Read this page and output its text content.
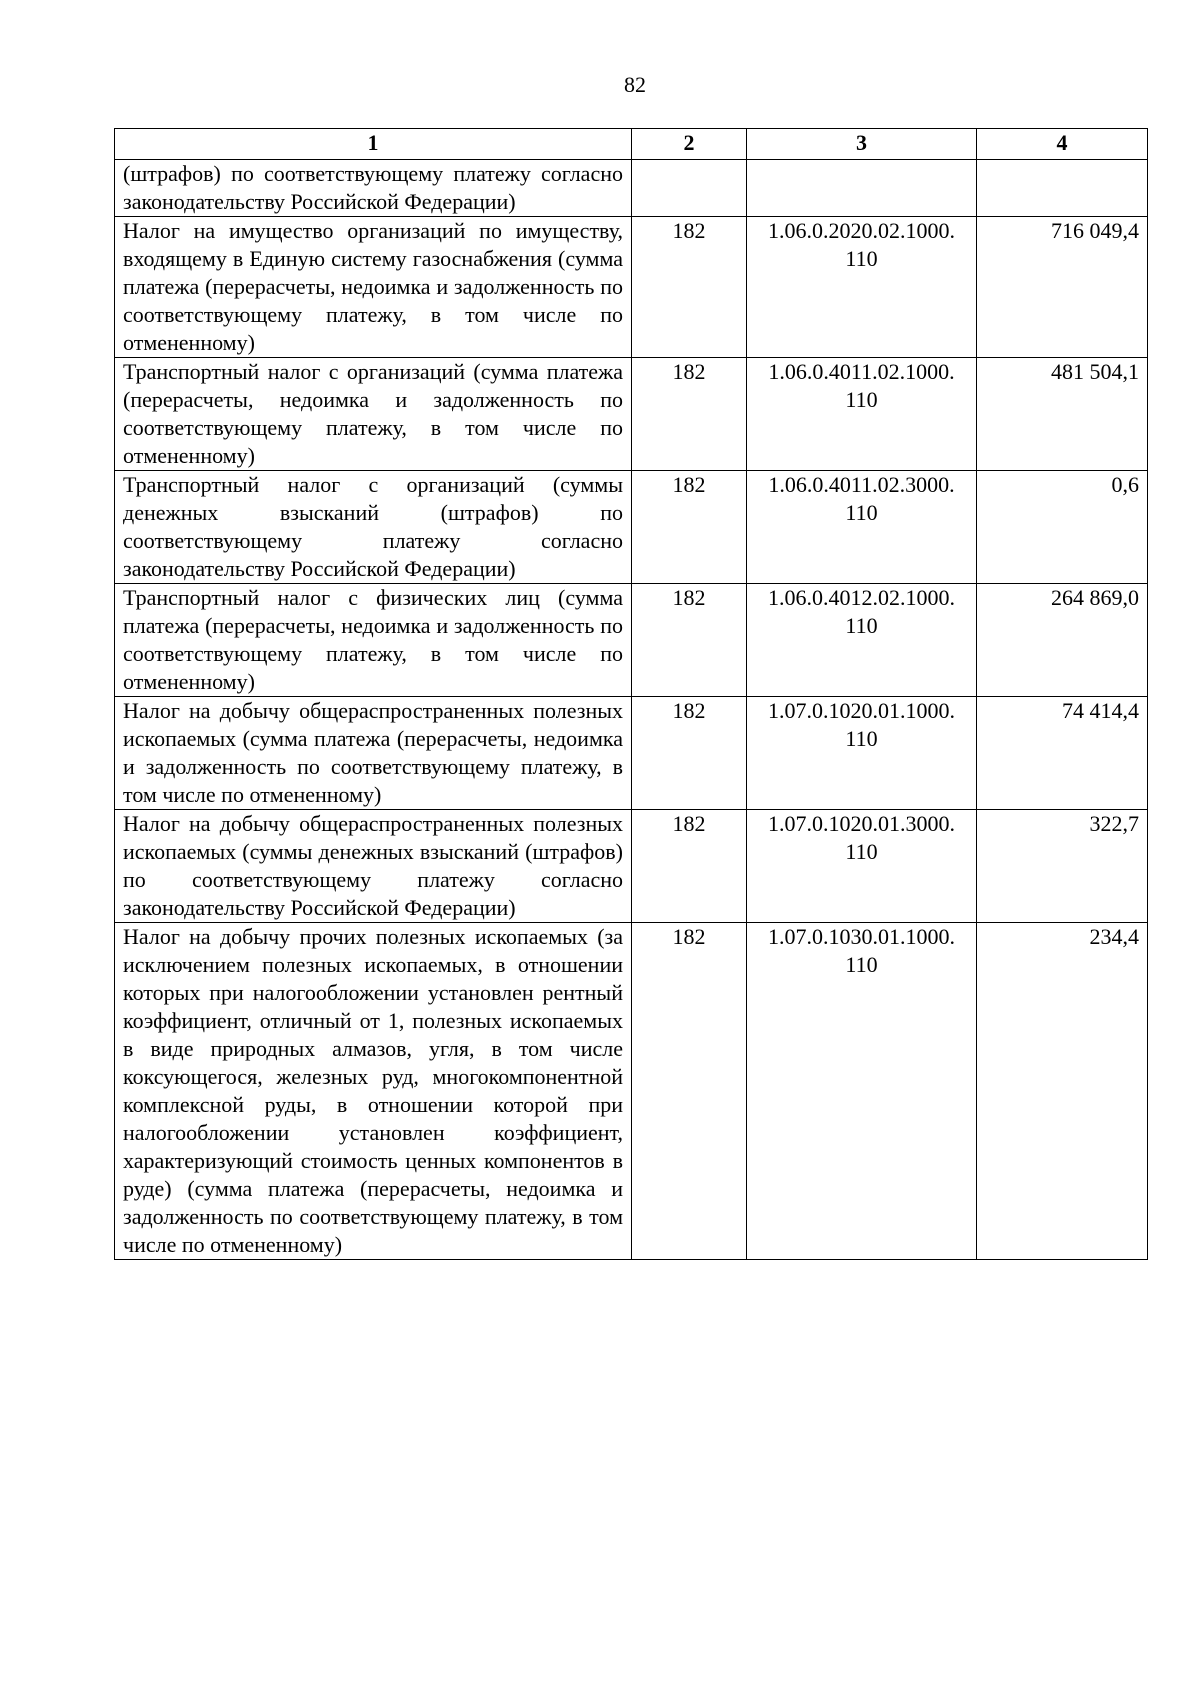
82
1	2	3	4
(штрафов) по соответствующему платежу согласно законодательству Российской Федерации)			
Налог на имущество организаций по имуществу, входящему в Единую систему газоснабжения (сумма платежа (перерасчеты, недоимка и задолженность по соответствующему платежу, в том числе по отмененному)	182	1.06.0.2020.02.1000.110	716 049,4
Транспортный налог с организаций (сумма платежа (перерасчеты, недоимка и задолженность по соответствующему платежу, в том числе по отмененному)	182	1.06.0.4011.02.1000.110	481 504,1
Транспортный налог с организаций (суммы денежных взысканий (штрафов) по соответствующему платежу согласно законодательству Российской Федерации)	182	1.06.0.4011.02.3000.110	0,6
Транспортный налог с физических лиц (сумма платежа (перерасчеты, недоимка и задолженность по соответствующему платежу, в том числе по отмененному)	182	1.06.0.4012.02.1000.110	264 869,0
Налог на добычу общераспространенных полезных ископаемых (сумма платежа (перерасчеты, недоимка и задолженность по соответствующему платежу, в том числе по отмененному)	182	1.07.0.1020.01.1000.110	74 414,4
Налог на добычу общераспространенных полезных ископаемых (суммы денежных взысканий (штрафов) по соответствующему платежу согласно законодательству Российской Федерации)	182	1.07.0.1020.01.3000.110	322,7
Налог на добычу прочих полезных ископаемых (за исключением полезных ископаемых, в отношении которых при налогообложении установлен рентный коэффициент, отличный от 1, полезных ископаемых в виде природных алмазов, угля, в том числе коксующегося, железных руд, многокомпонентной комплексной руды, в отношении которой при налогообложении установлен коэффициент, характеризующий стоимость ценных компонентов в руде) (сумма платежа (перерасчеты, недоимка и задолженность по соответствующему платежу, в том числе по отмененному)	182	1.07.0.1030.01.1000.110	234,4
